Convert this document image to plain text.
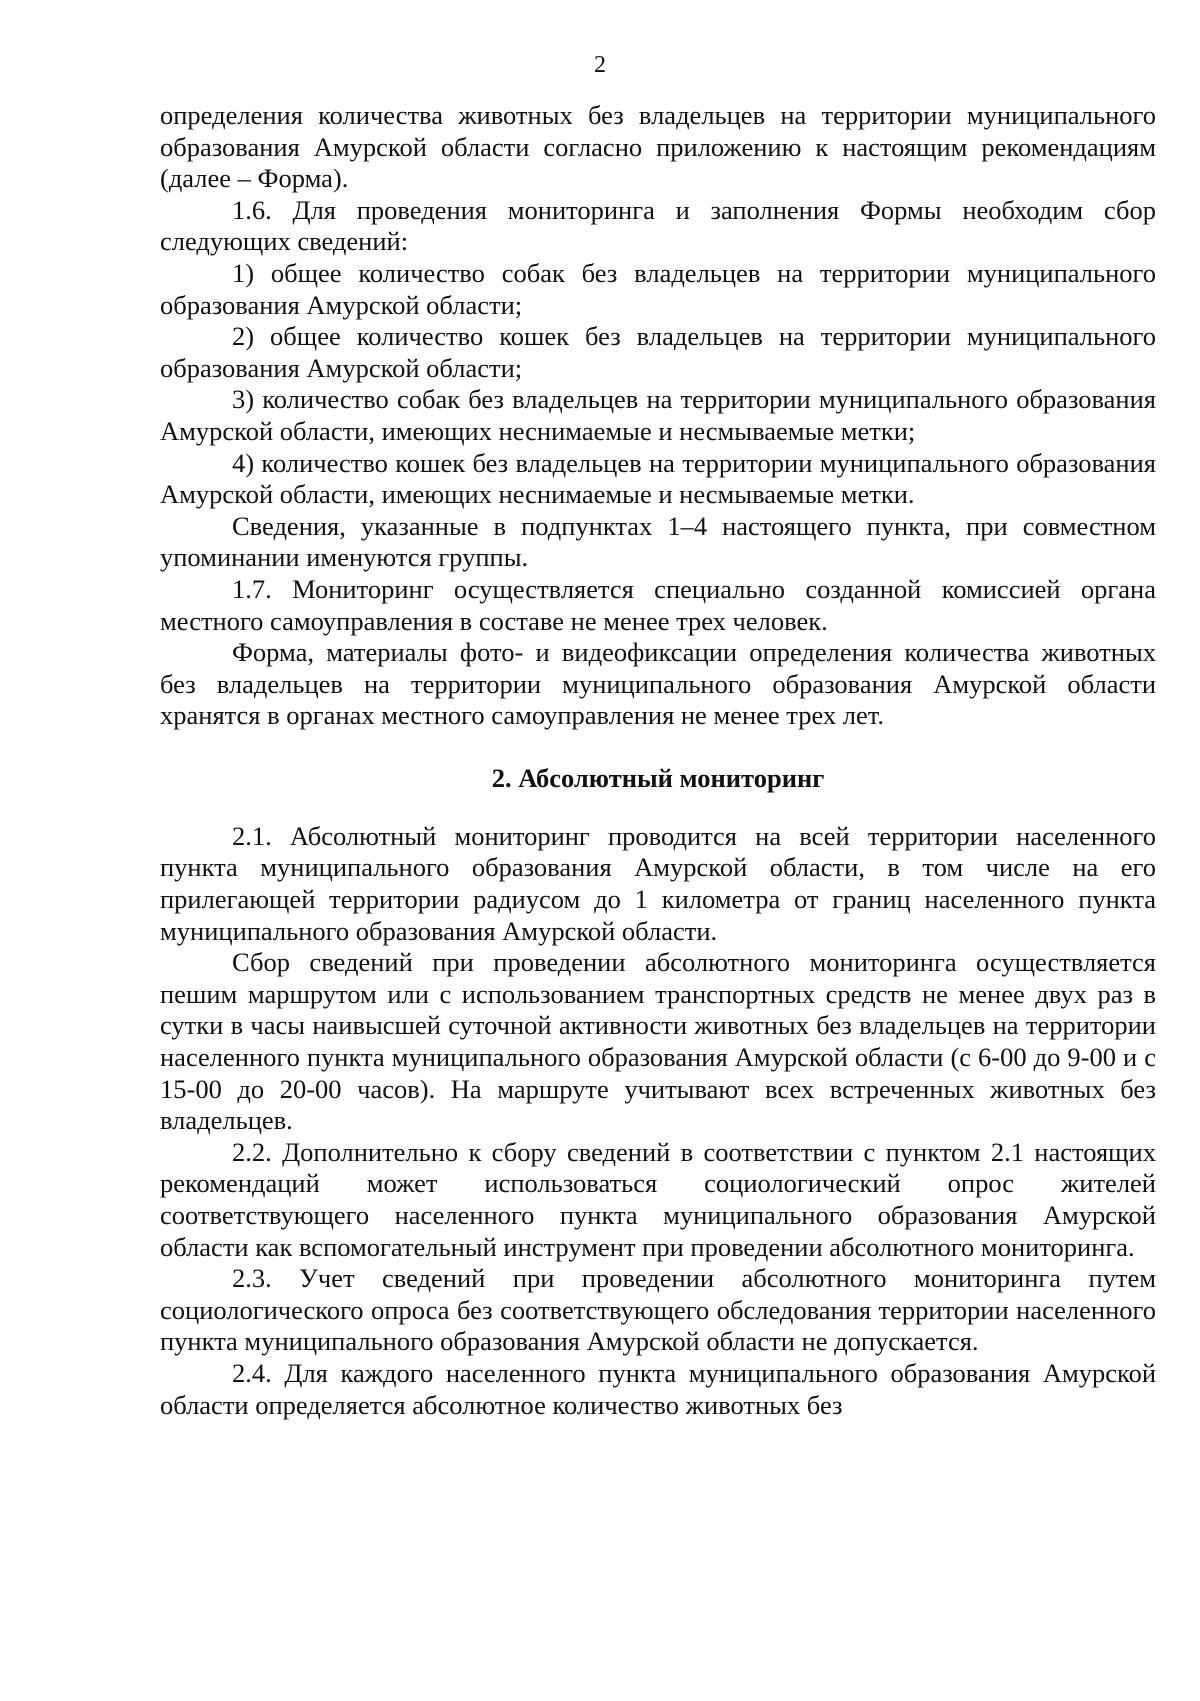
2

определения количества животных без владельцев на территории муниципального образования Амурской области согласно приложению к настоящим рекомендациям (далее – Форма).

1.6. Для проведения мониторинга и заполнения Формы необходим сбор следующих сведений:

1) общее количество собак без владельцев на территории муниципального образования Амурской области;

2) общее количество кошек без владельцев на территории муниципального образования Амурской области;

3) количество собак без владельцев на территории муниципального образования Амурской области, имеющих неснимаемые и несмываемые метки;

4) количество кошек без владельцев на территории муниципального образования Амурской области, имеющих неснимаемые и несмываемые метки.

Сведения, указанные в подпунктах 1–4 настоящего пункта, при совместном упоминании именуются группы.

1.7. Мониторинг осуществляется специально созданной комиссией органа местного самоуправления в составе не менее трех человек.

Форма, материалы фото- и видеофиксации определения количества животных без владельцев на территории муниципального образования Амурской области хранятся в органах местного самоуправления не менее трех лет.

2. Абсолютный мониторинг

2.1. Абсолютный мониторинг проводится на всей территории населенного пункта муниципального образования Амурской области, в том числе на его прилегающей территории радиусом до 1 километра от границ населенного пункта муниципального образования Амурской области.

Сбор сведений при проведении абсолютного мониторинга осуществляется пешим маршрутом или с использованием транспортных средств не менее двух раз в сутки в часы наивысшей суточной активности животных без владельцев на территории населенного пункта муниципального образования Амурской области (с 6-00 до 9-00 и с 15-00 до 20-00 часов). На маршруте учитывают всех встреченных животных без владельцев.

2.2. Дополнительно к сбору сведений в соответствии с пунктом 2.1 настоящих рекомендаций может использоваться социологический опрос жителей соответствующего населенного пункта муниципального образования Амурской области как вспомогательный инструмент при проведении абсолютного мониторинга.

2.3. Учет сведений при проведении абсолютного мониторинга путем социологического опроса без соответствующего обследования территории населенного пункта муниципального образования Амурской области не допускается.

2.4. Для каждого населенного пункта муниципального образования Амурской области определяется абсолютное количество животных без
